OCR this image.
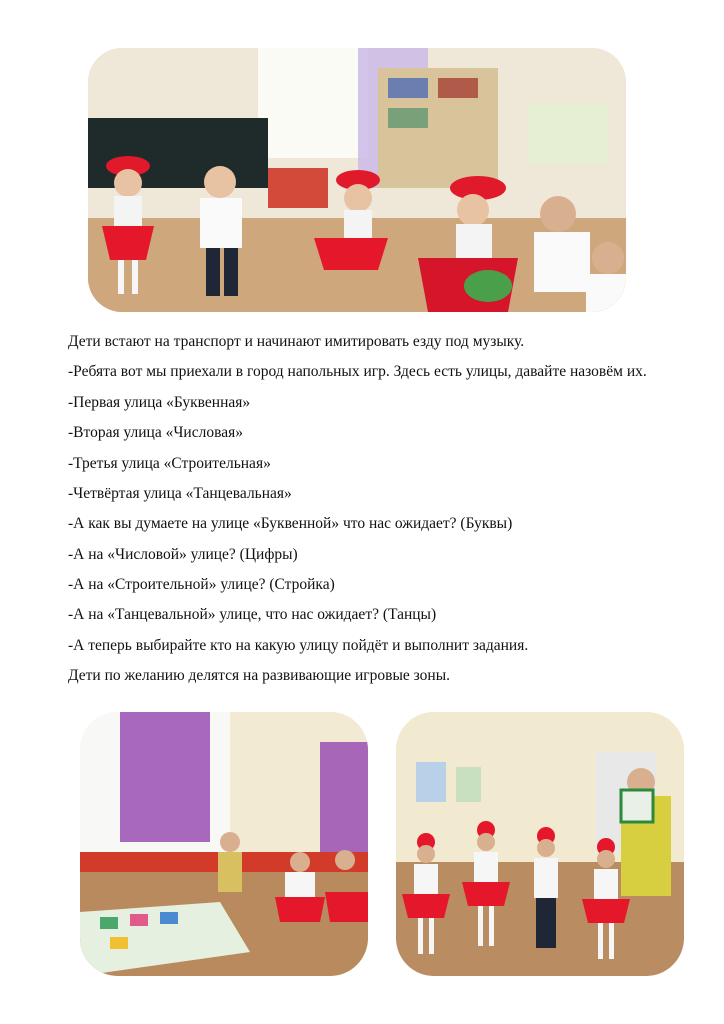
Дети встают на транспорт и начинают имитировать езду под музыку.

-Ребята вот мы приехали в город напольных игр. Здесь есть улицы, давайте назовём их.

-Первая улица «Буквенная»

-Вторая улица «Числовая»

-Третья улица «Строительная»

-Четвёртая улица «Танцевальная»

-А как вы думаете на улице «Буквенной» что нас ожидает? (Буквы)

-А на «Числовой» улице? (Цифры)

-А на «Строительной» улице? (Стройка)

-А на «Танцевальной» улице, что нас ожидает? (Танцы)

-А теперь выбирайте кто на какую улицу пойдёт и выполнит задания.

Дети по желанию делятся на развивающие игровые зоны.
